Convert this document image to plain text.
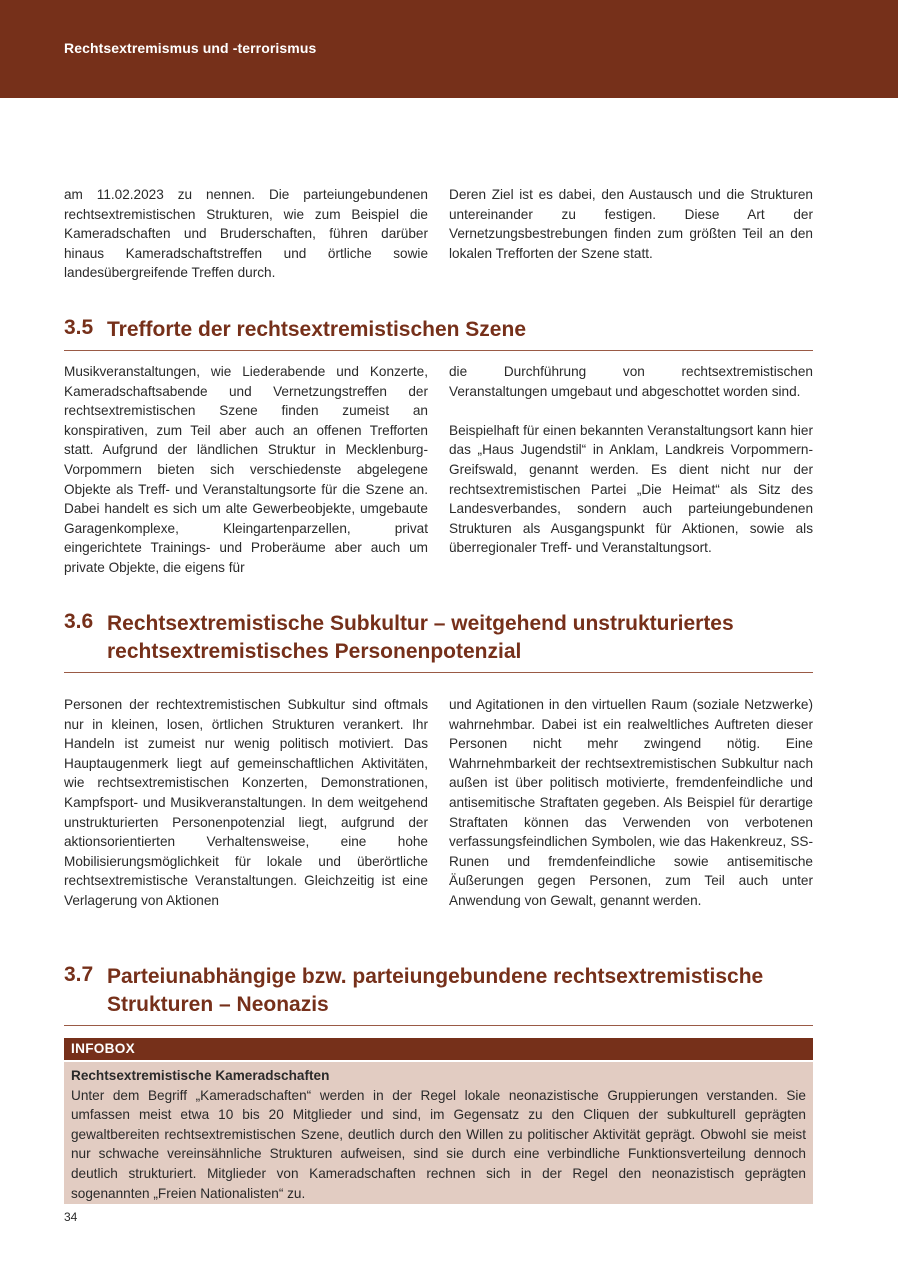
Rechtsextremismus und -terrorismus

am 11.02.2023 zu nennen. Die parteiungebundenen rechtsextremistischen Strukturen, wie zum Beispiel die Kameradschaften und Bruderschaften, führen darüber hinaus Kameradschaftstreffen und örtliche sowie landesübergreifende Treffen durch.

Deren Ziel ist es dabei, den Austausch und die Strukturen untereinander zu festigen. Diese Art der Vernetzungsbestrebungen finden zum größten Teil an den lokalen Trefforten der Szene statt.

3.5 Trefforte der rechtsextremistischen Szene

Musikveranstaltungen, wie Liederabende und Konzerte, Kameradschaftsabende und Vernetzungstreffen der rechtsextremistischen Szene finden zumeist an konspirativen, zum Teil aber auch an offenen Trefforten statt. Aufgrund der ländlichen Struktur in Mecklenburg-Vorpommern bieten sich verschiedenste abgelegene Objekte als Treff- und Veranstaltungsorte für die Szene an. Dabei handelt es sich um alte Gewerbeobjekte, umgebaute Garagenkomplexe, Kleingartenparzellen, privat eingerichtete Trainings- und Proberäume aber auch um private Objekte, die eigens für

die Durchführung von rechtsextremistischen Veranstaltungen umgebaut und abgeschottet worden sind.

Beispielhaft für einen bekannten Veranstaltungsort kann hier das „Haus Jugendstil“ in Anklam, Landkreis Vorpommern-Greifswald, genannt werden. Es dient nicht nur der rechtsextremistischen Partei „Die Heimat“ als Sitz des Landesverbandes, sondern auch parteiungebundenen Strukturen als Ausgangspunkt für Aktionen, sowie als überregionaler Treff- und Veranstaltungsort.

3.6 Rechtsextremistische Subkultur – weitgehend unstrukturiertes rechtsextremistisches Personenpotenzial

Personen der rechtextremistischen Subkultur sind oftmals nur in kleinen, losen, örtlichen Strukturen verankert. Ihr Handeln ist zumeist nur wenig politisch motiviert. Das Hauptaugenmerk liegt auf gemeinschaftlichen Aktivitäten, wie rechtsextremistischen Konzerten, Demonstrationen, Kampfsport- und Musikveranstaltungen. In dem weitgehend unstrukturierten Personenpotenzial liegt, aufgrund der aktionsorientierten Verhaltensweise, eine hohe Mobilisierungsmöglichkeit für lokale und überörtliche rechtsextremistische Veranstaltungen. Gleichzeitig ist eine Verlagerung von Aktionen

und Agitationen in den virtuellen Raum (soziale Netzwerke) wahrnehmbar. Dabei ist ein realweltliches Auftreten dieser Personen nicht mehr zwingend nötig. Eine Wahrnehmbarkeit der rechtsextremistischen Subkultur nach außen ist über politisch motivierte, fremdenfeindliche und antisemitische Straftaten gegeben. Als Beispiel für derartige Straftaten können das Verwenden von verbotenen verfassungsfeindlichen Symbolen, wie das Hakenkreuz, SS-Runen und fremdenfeindliche sowie antisemitische Äußerungen gegen Personen, zum Teil auch unter Anwendung von Gewalt, genannt werden.

3.7 Parteiunabhängige bzw. parteiungebundene rechtsextremistische Strukturen – Neonazis
INFOBOX
Rechtsextremistische Kameradschaften

Unter dem Begriff „Kameradschaften“ werden in der Regel lokale neonazistische Gruppierungen verstanden. Sie umfassen meist etwa 10 bis 20 Mitglieder und sind, im Gegensatz zu den Cliquen der subkulturell geprägten gewaltbereiten rechtsextremistischen Szene, deutlich durch den Willen zu politischer Aktivität geprägt. Obwohl sie meist nur schwache vereinsähnliche Strukturen aufweisen, sind sie durch eine verbindliche Funktionsverteilung dennoch deutlich strukturiert. Mitglieder von Kameradschaften rechnen sich in der Regel den neonazistisch geprägten sogenannten „Freien Nationalisten“ zu.

34
